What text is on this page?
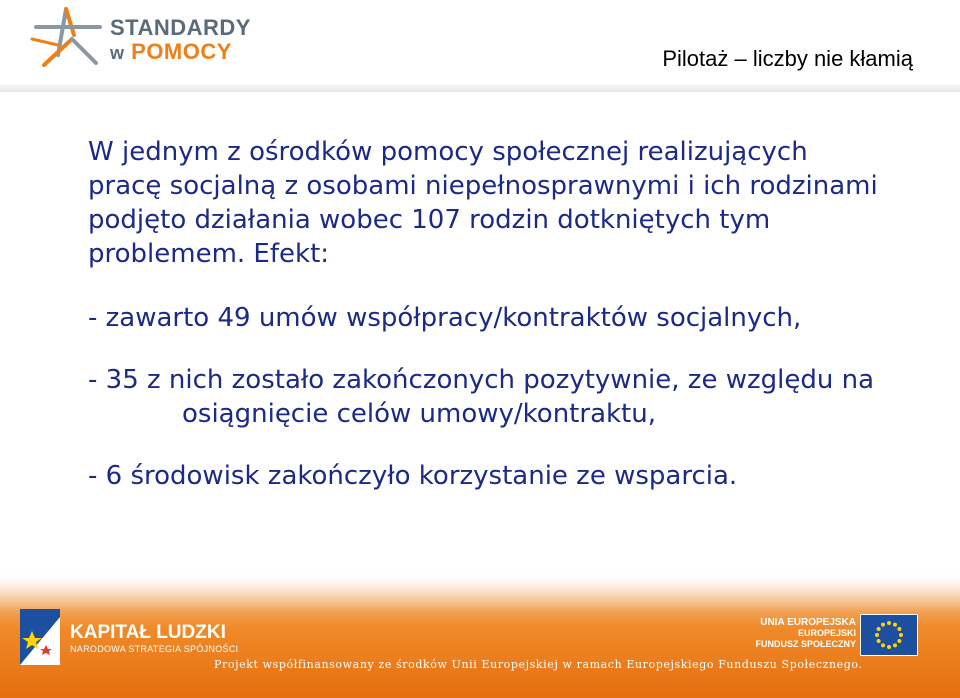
STANDARDY
w POMOCY	Pilotaż – liczby nie kłamią

W jednym z ośrodków pomocy społecznej realizujących
pracę socjalną z osobami niepełnosprawnymi i ich rodzinami
podjęto działania wobec 107 rodzin dotkniętych tym
problemem. Efekt:

- zawarto 49 umów współpracy/kontraktów socjalnych,

- 35 z nich zostało zakończonych pozytywnie, ze względu na
osiągnięcie celów umowy/kontraktu,

- 6 środowisk zakończyło korzystanie ze wsparcia.

KAPITAŁ LUDZKI
NARODOWA STRATEGIA SPÓJNOŚCI
UNIA EUROPEJSKA
EUROPEJSKI
FUNDUSZ SPOŁECZNY
Projekt współfinansowany ze środków Unii Europejskiej w ramach Europejskiego Funduszu Społecznego.
